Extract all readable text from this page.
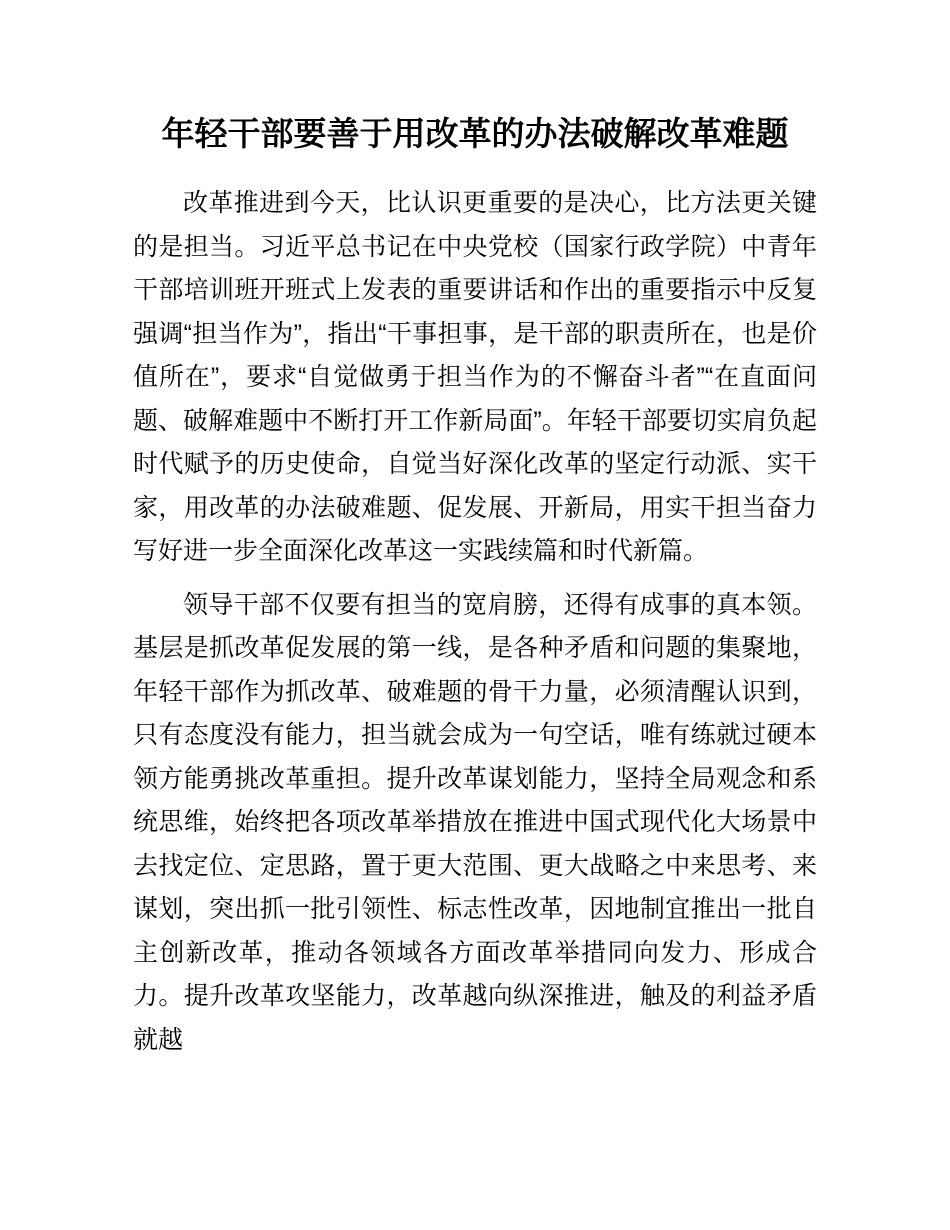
年轻干部要善于用改革的办法破解改革难题

改革推进到今天，比认识更重要的是决心，比方法更关键的是担当。习近平总书记在中央党校（国家行政学院）中青年干部培训班开班式上发表的重要讲话和作出的重要指示中反复强调“担当作为”，指出“干事担事，是干部的职责所在，也是价值所在”，要求“自觉做勇于担当作为的不懈奋斗者”“在直面问题、破解难题中不断打开工作新局面”。年轻干部要切实肩负起时代赋予的历史使命，自觉当好深化改革的坚定行动派、实干家，用改革的办法破难题、促发展、开新局，用实干担当奋力写好进一步全面深化改革这一实践续篇和时代新篇。

领导干部不仅要有担当的宽肩膀，还得有成事的真本领。基层是抓改革促发展的第一线，是各种矛盾和问题的集聚地，年轻干部作为抓改革、破难题的骨干力量，必须清醒认识到，只有态度没有能力，担当就会成为一句空话，唯有练就过硬本领方能勇挑改革重担。提升改革谋划能力，坚持全局观念和系统思维，始终把各项改革举措放在推进中国式现代化大场景中去找定位、定思路，置于更大范围、更大战略之中来思考、来谋划，突出抓一批引领性、标志性改革，因地制宜推出一批自主创新改革，推动各领域各方面改革举措同向发力、形成合力。提升改革攻坚能力，改革越向纵深推进，触及的利益矛盾就越
